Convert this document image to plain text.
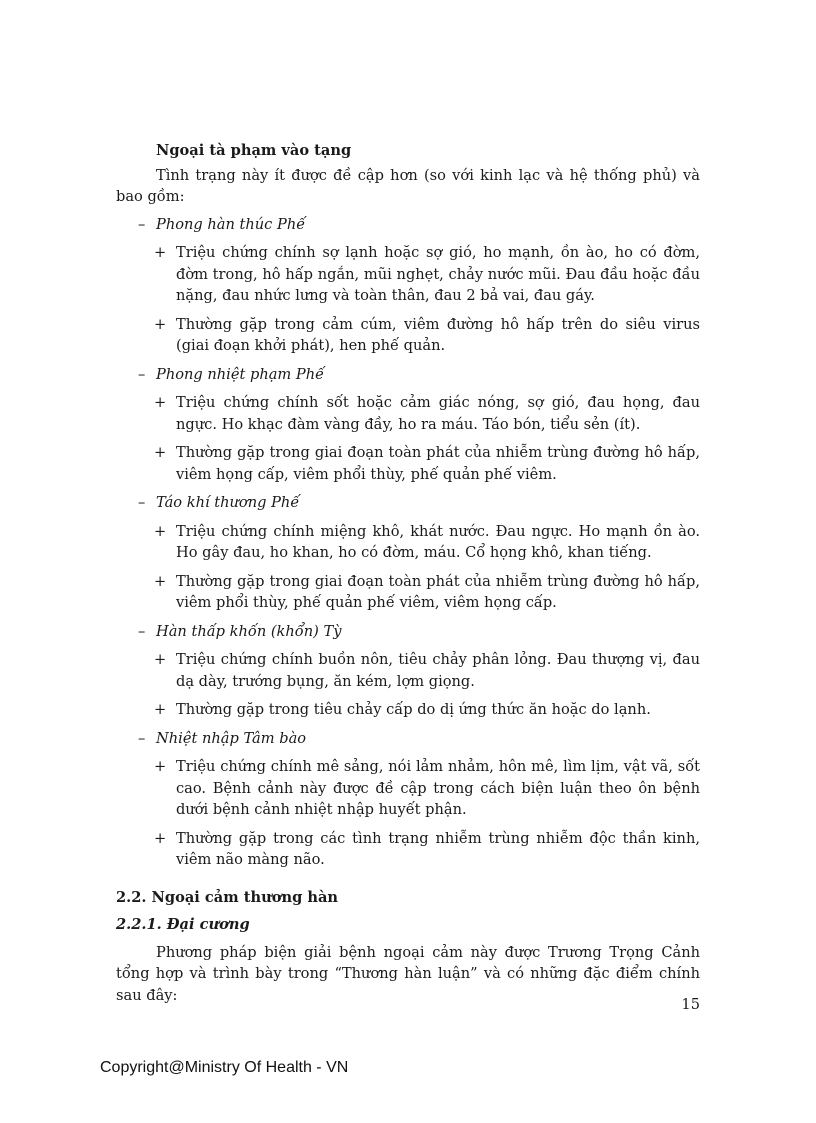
Ngoại tà phạm vào tạng
Tình trạng này ít được đề cập hơn (so với kinh lạc và hệ thống phủ) và bao gồm:
– Phong hàn thúc Phế
+ Triệu chứng chính sợ lạnh hoặc sợ gió, ho mạnh, ồn ào, ho có đờm, đờm trong, hô hấp ngắn, mũi nghẹt, chảy nước mũi. Đau đầu hoặc đầu nặng, đau nhức lưng và toàn thân, đau 2 bả vai, đau gáy.
+ Thường gặp trong cảm cúm, viêm đường hô hấp trên do siêu virus (giai đoạn khởi phát), hen phế quản.
– Phong nhiệt phạm Phế
+ Triệu chứng chính sốt hoặc cảm giác nóng, sợ gió, đau họng, đau ngực. Ho khạc đàm vàng đầy, ho ra máu. Táo bón, tiểu sẻn (ít).
+ Thường gặp trong giai đoạn toàn phát của nhiễm trùng đường hô hấp, viêm họng cấp, viêm phổi thùy, phế quản phế viêm.
– Táo khí thương Phế
+ Triệu chứng chính miệng khô, khát nước. Đau ngực. Ho mạnh ồn ào. Ho gây đau, ho khan, ho có đờm, máu. Cổ họng khô, khan tiếng.
+ Thường gặp trong giai đoạn toàn phát của nhiễm trùng đường hô hấp, viêm phổi thùy, phế quản phế viêm, viêm họng cấp.
– Hàn thấp khốn (khổn) Tỳ
+ Triệu chứng chính buồn nôn, tiêu chảy phân lỏng. Đau thượng vị, đau dạ dày, trướng bụng, ăn kém, lợm giọng.
+ Thường gặp trong tiêu chảy cấp do dị ứng thức ăn hoặc do lạnh.
– Nhiệt nhập Tâm bào
+ Triệu chứng chính mê sảng, nói lảm nhảm, hôn mê, lìm lịm, vật vã, sốt cao. Bệnh cảnh này được đề cập trong cách biện luận theo ôn bệnh dưới bệnh cảnh nhiệt nhập huyết phận.
+ Thường gặp trong các tình trạng nhiễm trùng nhiễm độc thần kinh, viêm não màng não.
2.2. Ngoại cảm thương hàn
2.2.1. Đại cương
Phương pháp biện giải bệnh ngoại cảm này được Trương Trọng Cảnh tổng hợp và trình bày trong “Thương hàn luận” và có những đặc điểm chính sau đây:
15
Copyright@Ministry Of Health - VN
